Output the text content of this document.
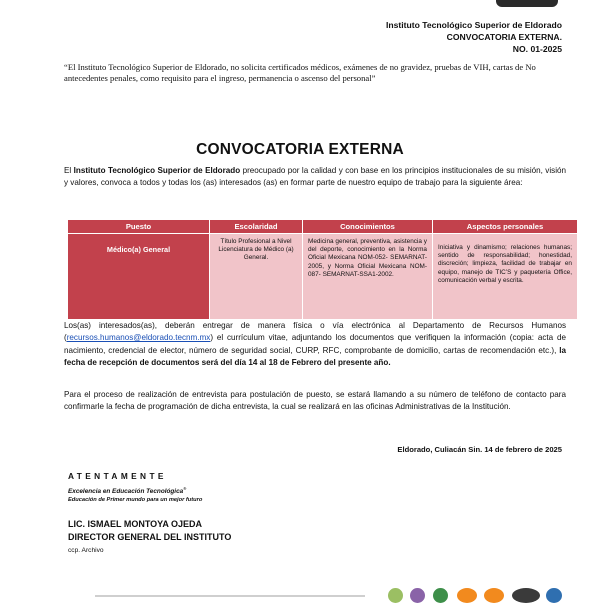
Instituto Tecnológico Superior de Eldorado
CONVOCATORIA EXTERNA.
NO. 01-2025
“El Instituto Tecnológico Superior de Eldorado, no solicita certificados médicos, exámenes de no gravidez, pruebas de VIH, cartas de No antecedentes penales, como requisito para el ingreso, permanencia o ascenso del personal”
CONVOCATORIA EXTERNA
El Instituto Tecnológico Superior de Eldorado preocupado por la calidad y con base en los principios institucionales de su misión, visión y valores, convoca a todos y todas los (as) interesados (as) en formar parte de nuestro equipo de trabajo para la siguiente área:
Puesto	Escolaridad	Conocimientos	Aspectos personales
Médico(a) General	Título Profesional a Nivel Licenciatura de Médico (a) General.	Medicina general, preventiva, asistencia y del deporte, conocimiento en la Norma Oficial Mexicana NOM-052- SEMARNAT-2005, y Norma Oficial Mexicana NOM-087- SEMARNAT-SSA1-2002.	Iniciativa y dinamismo; relaciones humanas; sentido de responsabilidad; honestidad, discreción; limpieza, facilidad de trabajar en equipo, manejo de TIC’S y paquetería Office, comunicación verbal y escrita.
Los(as) interesados(as), deberán entregar de manera física o vía electrónica al Departamento de Recursos Humanos (recursos.humanos@eldorado.tecnm.mx) el currículum vitae, adjuntando los documentos que verifiquen la información (copia: acta de nacimiento, credencial de elector, número de seguridad social, CURP, RFC, comprobante de domicilio, cartas de recomendación etc.), la fecha de recepción de documentos será del día 14 al 18 de Febrero del presente año.
Para el proceso de realización de entrevista para postulación de puesto, se estará llamando a su número de teléfono de contacto para confirmarle la fecha de programación de dicha entrevista, la cual se realizará en las oficinas Administrativas de la Institución.
Eldorado, Culiacán Sin. 14 de febrero de 2025
ATENTAMENTE
Excelencia en Educación Tecnológica®
Educación de Primer mundo para un mejor futuro
LIC. ISMAEL MONTOYA OJEDA
DIRECTOR GENERAL DEL INSTITUTO
ccp. Archivo
